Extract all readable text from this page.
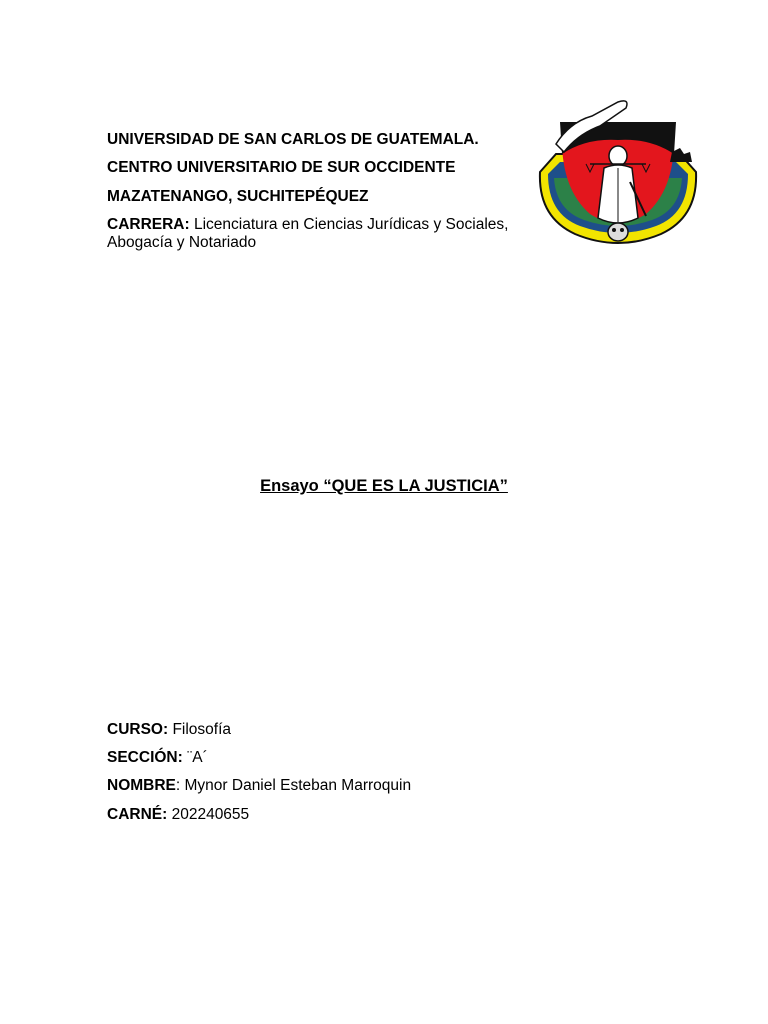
UNIVERSIDAD DE SAN CARLOS DE GUATEMALA.
CENTRO UNIVERSITARIO DE SUR OCCIDENTE
MAZATENANGO, SUCHITEPÉQUEZ
CARRERA: Licenciatura en Ciencias Jurídicas y Sociales, Abogacía y Notariado
Ensayo “QUE ES LA JUSTICIA”
CURSO: Filosofía
SECCIÓN: ¨A´
NOMBRE: Mynor Daniel Esteban Marroquin
CARNÉ: 202240655
